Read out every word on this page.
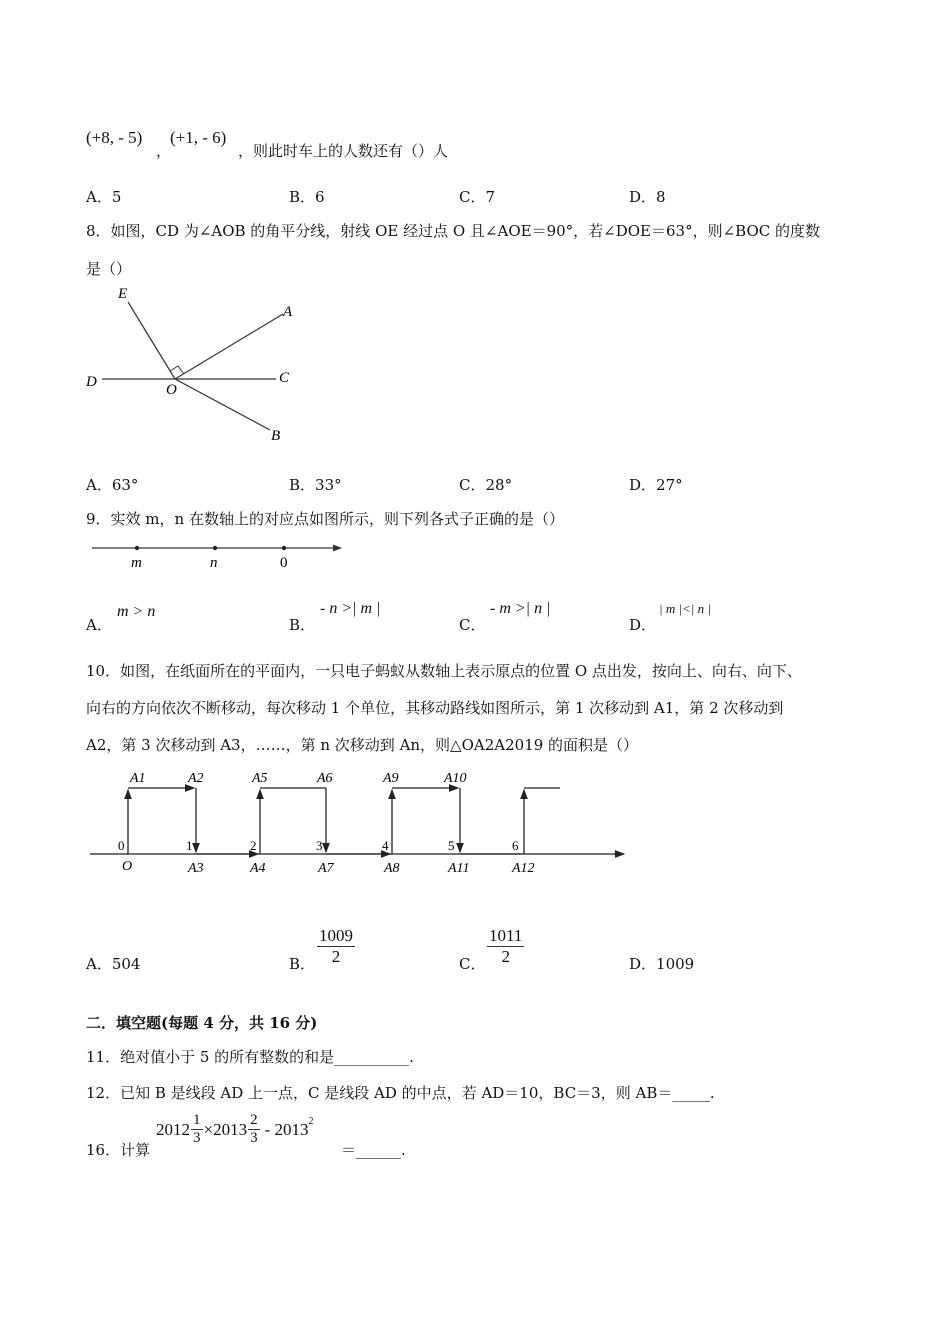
(+8, - 5)
，
(+1, - 6)
，则此时车上的人数还有（）人
A．5	B．6	C．7	D．8
8．如图，CD 为∠AOB 的角平分线，射线 OE 经过点 O 且∠AOE＝90°，若∠DOE＝63°，则∠BOC 的度数
是（）
E
A
D	O
C
B
A．63°	B．33°	C．28°	D．27°
9．实效 m，n 在数轴上的对应点如图所示，则下列各式子正确的是（）
m	n	0
A．
m > n
B．
- n >| m |
C．
- m >| n |
D．
| m |<| n |
10．如图，在纸面所在的平面内，一只电子蚂蚁从数轴上表示原点的位置 O 点出发，按向上、向右、向下、
向右的方向依次不断移动，每次移动 1 个单位，其移动路线如图所示，第 1 次移动到 A1，第 2 次移动到
A2，第 3 次移动到 A3，……，第 n 次移动到 An，则△OA2A2019 的面积是（）
A1	A2	A5	A6	A9	A10
0	1	2	3	4	5	6
O	A3	A4	A7	A8	A11	A12
A．504	B． $\frac{1009}{2}$	C． $\frac{1011}{2}$	D．1009
二．填空题(每题 4 分，共 16 分)
11．绝对值小于 5 的所有整数的和是__________.
12．已知 B 是线段 AD 上一点，C 是线段 AD 的中点，若 AD＝10，BC＝3，则 AB＝_____.
16．计算
$2012 \frac{1}{3} \times 2013 \frac{2}{3} - 2013^2$
＝______.
